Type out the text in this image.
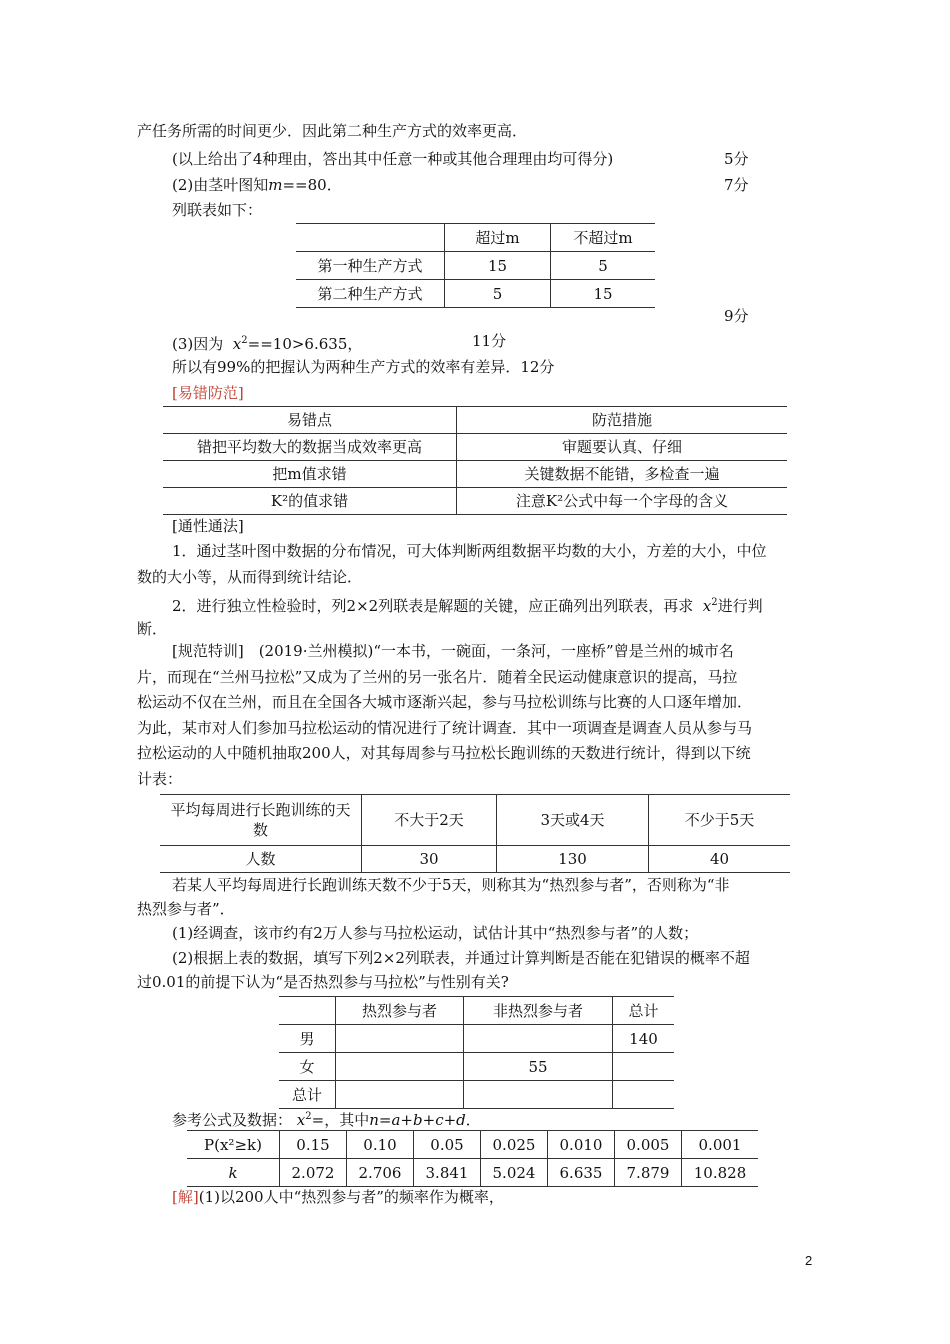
产任务所需的时间更少．因此第二种生产方式的效率更高．
(以上给出了4种理由，答出其中任意一种或其他合理理由均可得分)	5分
(2)由茎叶图知m==80．	7分
列联表如下：
	超过m	不超过m
第一种生产方式	15	5
第二种生产方式	5	15
9分
(3)因为 $x^2==10>6.635$，	11分
所以有99%的把握认为两种生产方式的效率有差异．12分
[易错防范]
易错点	防范措施
错把平均数大的数据当成效率更高	审题要认真、仔细
把m值求错	关键数据不能错，多检查一遍
K²的值求错	注意K²公式中每一个字母的含义
[通性通法]
1．通过茎叶图中数据的分布情况，可大体判断两组数据平均数的大小，方差的大小，中位
数的大小等，从而得到统计结论．
2．进行独立性检验时，列2×2列联表是解题的关键，应正确列出列联表，再求 $x^2$进行判
断．
[规范特训]　(2019·兰州模拟)“一本书，一碗面，一条河，一座桥”曾是兰州的城市名
片，而现在“兰州马拉松”又成为了兰州的另一张名片．随着全民运动健康意识的提高，马拉
松运动不仅在兰州，而且在全国各大城市逐渐兴起，参与马拉松训练与比赛的人口逐年增加．
为此，某市对人们参加马拉松运动的情况进行了统计调查．其中一项调查是调查人员从参与马
拉松运动的人中随机抽取200人，对其每周参与马拉松长跑训练的天数进行统计，得到以下统
计表：
平均每周进行长跑训练的天数	不大于2天	3天或4天	不少于5天
人数	30	130	40
若某人平均每周进行长跑训练天数不少于5天，则称其为“热烈参与者”，否则称为“非
热烈参与者”．
(1)经调查，该市约有2万人参与马拉松运动，试估计其中“热烈参与者”的人数；
(2)根据上表的数据，填写下列2×2列联表，并通过计算判断是否能在犯错误的概率不超
过0.01的前提下认为“是否热烈参与马拉松”与性别有关?
	热烈参与者	非热烈参与者	总计
男			140
女		55	
总计			
参考公式及数据： $x^2=$，其中n=a+b+c+d．
P(x²≥k)	0.15	0.10	0.05	0.025	0.010	0.005	0.001
k	2.072	2.706	3.841	5.024	6.635	7.879	10.828
[解](1)以200人中“热烈参与者”的频率作为概率，
2
